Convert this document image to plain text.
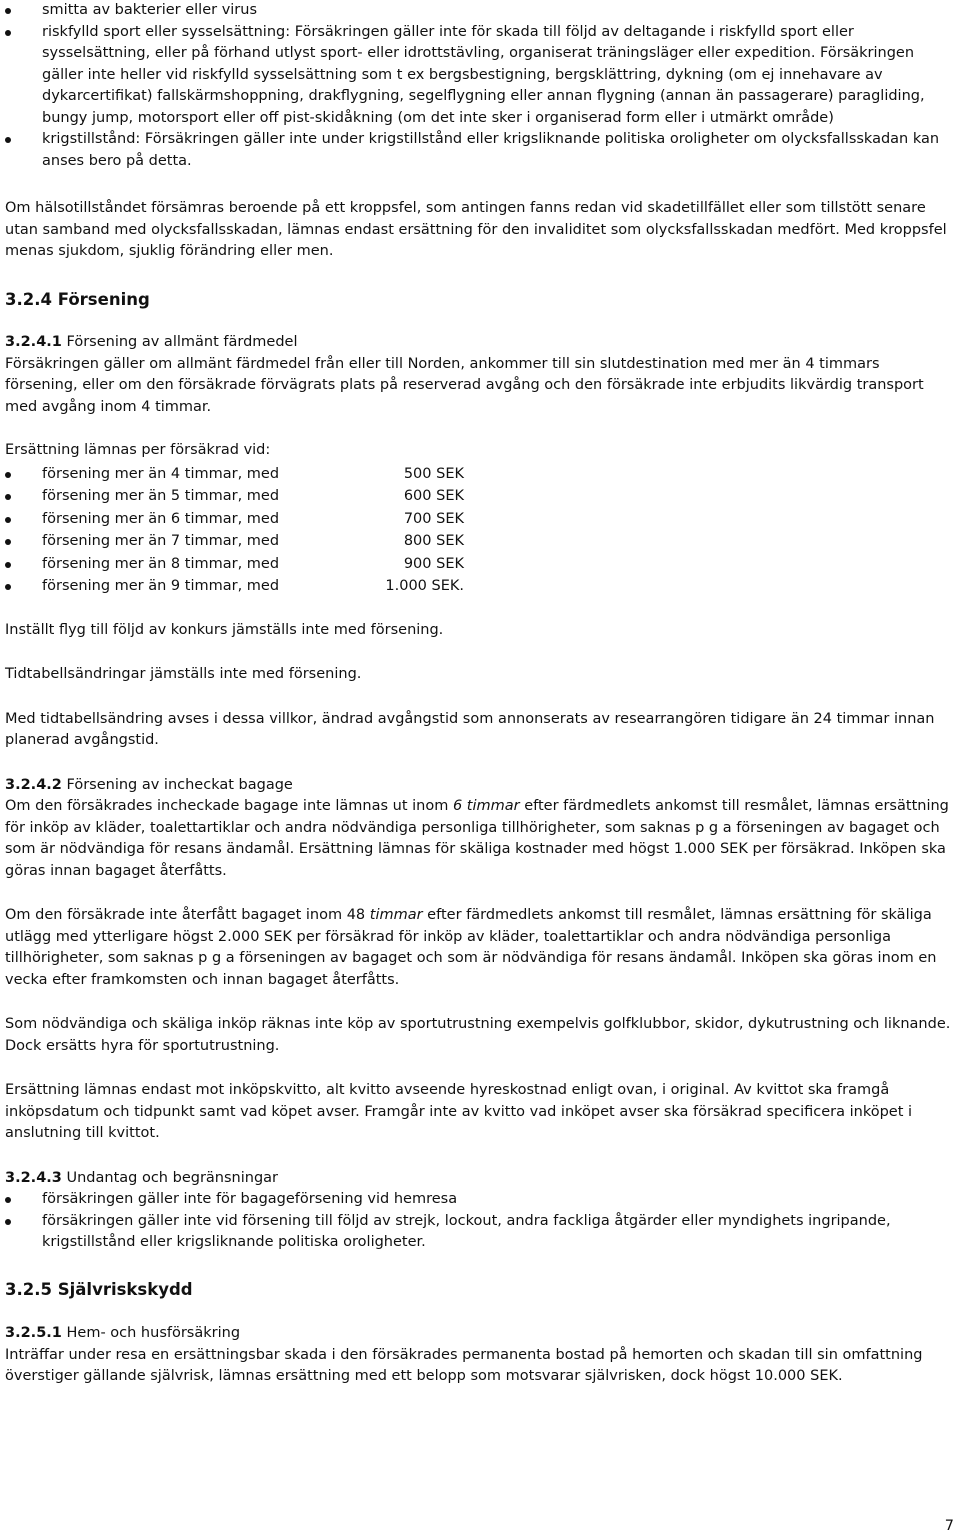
smitta av bakterier eller virus
riskfylld sport eller sysselsättning: Försäkringen gäller inte för skada till följd av deltagande i riskfylld sport eller sysselsättning, eller på förhand utlyst sport- eller idrottstävling, organiserat träningsläger eller expedition. Försäkringen gäller inte heller vid riskfylld sysselsättning som t ex bergsbestigning, bergsklättring, dykning (om ej innehavare av dykarcertifikat) fallskärmshoppning, drakflygning, segelflygning eller annan flygning (annan än passagerare) paragliding, bungy jump, motorsport eller off pist-skidåkning (om det inte sker i organiserad form eller i utmärkt område)
krigstillstånd: Försäkringen gäller inte under krigstillstånd eller krigsliknande politiska oroligheter om olycksfallsskadan kan anses bero på detta.

Om hälsotillståndet försämras beroende på ett kroppsfel, som antingen fanns redan vid skadetillfället eller som tillstött senare utan samband med olycksfallsskadan, lämnas endast ersättning för den invaliditet som olycksfallsskadan medfört. Med kroppsfel menas sjukdom, sjuklig förändring eller men.

3.2.4 Försening

3.2.4.1 Försening av allmänt färdmedel

Försäkringen gäller om allmänt färdmedel från eller till Norden, ankommer till sin slutdestination med mer än 4 timmars försening, eller om den försäkrade förvägrats plats på reserverad avgång och den försäkrade inte erbjudits likvärdig transport med avgång inom 4 timmar.

Ersättning lämnas per försäkrad vid:

försening mer än 4 timmar, med	500 SEK
försening mer än 5 timmar, med	600 SEK
försening mer än 6 timmar, med	700 SEK
försening mer än 7 timmar, med	800 SEK
försening mer än 8 timmar, med	900 SEK
försening mer än 9 timmar, med	1.000 SEK.

Inställt flyg till följd av konkurs jämställs inte med försening.

Tidtabellsändringar jämställs inte med försening.

Med tidtabellsändring avses i dessa villkor, ändrad avgångstid som annonserats av researrangören tidigare än 24 timmar innan planerad avgångstid.

3.2.4.2 Försening av incheckat bagage

Om den försäkrades incheckade bagage inte lämnas ut inom 6 timmar efter färdmedlets ankomst till resmålet, lämnas ersättning för inköp av kläder, toalettartiklar och andra nödvändiga personliga tillhörigheter, som saknas p g a förseningen av bagaget och som är nödvändiga för resans ändamål. Ersättning lämnas för skäliga kostnader med högst 1.000 SEK per försäkrad. Inköpen ska göras innan bagaget återfåtts.

Om den försäkrade inte återfått bagaget inom 48 timmar efter färdmedlets ankomst till resmålet, lämnas ersättning för skäliga utlägg med ytterligare högst 2.000 SEK per försäkrad för inköp av kläder, toalettartiklar och andra nödvändiga personliga tillhörigheter, som saknas p g a förseningen av bagaget och som är nödvändiga för resans ändamål. Inköpen ska göras inom en vecka efter framkomsten och innan bagaget återfåtts.

Som nödvändiga och skäliga inköp räknas inte köp av sportutrustning exempelvis golfklubbor, skidor, dykutrustning och liknande. Dock ersätts hyra för sportutrustning.

Ersättning lämnas endast mot inköpskvitto, alt kvitto avseende hyreskostnad enligt ovan, i original. Av kvittot ska framgå inköpsdatum och tidpunkt samt vad köpet avser. Framgår inte av kvitto vad inköpet avser ska försäkrad specificera inköpet i anslutning till kvittot.

3.2.4.3 Undantag och begränsningar

försäkringen gäller inte för bagageförsening vid hemresa
försäkringen gäller inte vid försening till följd av strejk, lockout, andra fackliga åtgärder eller myndighets ingripande, krigstillstånd eller krigsliknande politiska oroligheter.

3.2.5 Självriskskydd

3.2.5.1 Hem- och husförsäkring

Inträffar under resa en ersättningsbar skada i den försäkrades permanenta bostad på hemorten och skadan till sin omfattning överstiger gällande självrisk, lämnas ersättning med ett belopp som motsvarar självrisken, dock högst 10.000 SEK.

7
